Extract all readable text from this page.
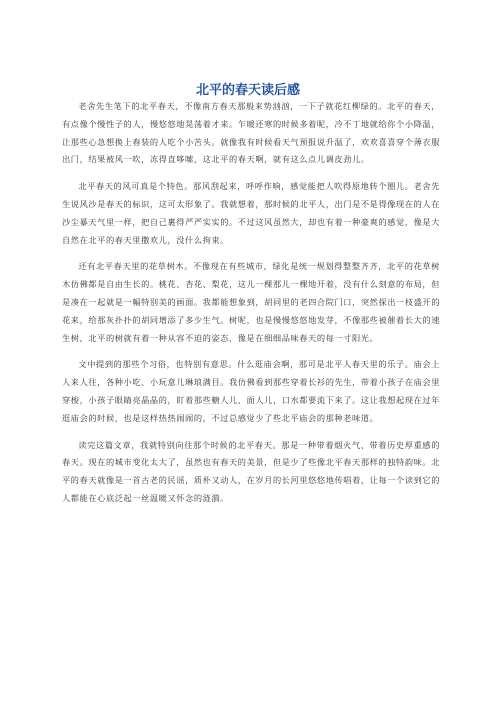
北平的春天读后感

老舍先生笔下的北平春天，不像南方春天那般来势汹汹，一下子就花红柳绿的。北平的春天，有点像个慢性子的人，慢悠悠地晃荡着才来。乍暖还寒的时候多着呢，冷不丁地就给你个小降温，让那些心急想换上春装的人吃个小苦头。就像我有时候看天气预报说升温了，欢欢喜喜穿个薄衣服出门，结果被风一吹，冻得直哆嗦，这北平的春天啊，就有这么点儿调皮劲儿。

北平春天的风可真是个特色。那风刮起来，呼呼作响，感觉能把人吹得原地转个圈儿。老舍先生说风沙是春天的标识，这可太形象了。我就想着，那时候的北平人，出门是不是得像现在的人在沙尘暴天气里一样，把自己裹得严严实实的。不过这风虽然大，却也有着一种豪爽的感觉，像是大自然在北平的春天里撒欢儿，没什么拘束。

还有北平春天里的花草树木。不像现在有些城市，绿化是统一规划得整整齐齐，北平的花草树木仿佛都是自由生长的。桃花、杏花、梨花，这儿一棵那儿一棵地开着，没有什么刻意的布局，但是凑在一起就是一幅特别美的画面。我都能想象到，胡同里的老四合院门口，突然探出一枝盛开的花来，给那灰扑扑的胡同增添了多少生气。树呢，也是慢慢悠悠地发芽，不像那些被催着长大的速生树，北平的树就有着一种从容不迫的姿态，像是在细细品味春天的每一寸阳光。

文中提到的那些个习俗，也特别有意思。什么逛庙会啊，那可是北平人春天里的乐子。庙会上人来人往，各种小吃、小玩意儿琳琅满目。我仿佛看到那些穿着长衫的先生，带着小孩子在庙会里穿梭，小孩子眼睛亮晶晶的，盯着那些糖人儿、面人儿，口水都要流下来了。这让我想起现在过年逛庙会的时候，也是这样热热闹闹的，不过总感觉少了些北平庙会的那种老味道。

读完这篇文章，我就特别向往那个时候的北平春天。那是一种带着烟火气、带着历史厚重感的春天。现在的城市变化太大了，虽然也有春天的美景，但是少了些像北平春天那样的独特韵味。北平的春天就像是一首古老的民谣，质朴又动人，在岁月的长河里悠悠地传唱着，让每一个读到它的人都能在心底泛起一丝温暖又怀念的涟漪。
